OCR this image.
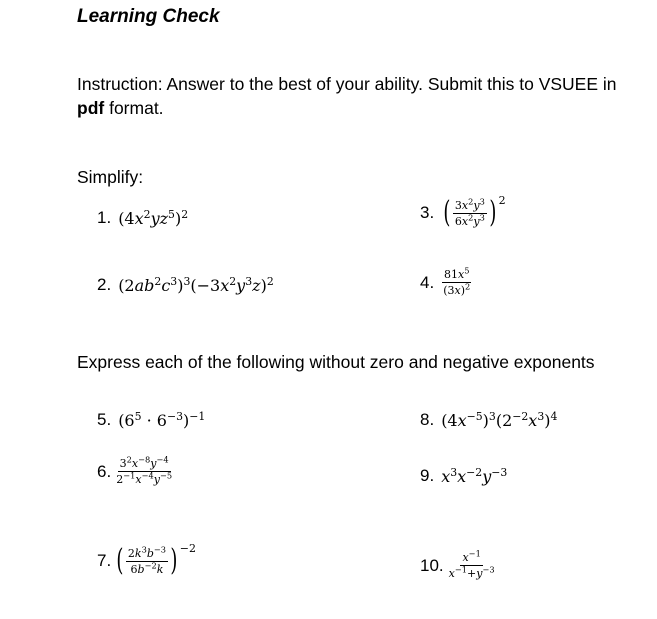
Learning Check
Instruction: Answer to the best of your ability. Submit this to VSUEE in pdf format.
Simplify:
1. $(4x^2yz^5)^2$	3. ( $\frac{3x^2y^3}{6x^2y^3}$ ) 2
2. $(2ab^2c^3)^3(-3x^2y^3z)^2$	4. $\frac{81x^5}{(3x)^2}$
Express each of the following without zero and negative exponents
5. $(6^5 \cdot 6^{-3})^{-1}$	8. $(4x^{-5})^3(2^{-2}x^3)^4$
6. $\frac{3^2x^{-8}y^{-4}}{2^{-1}x^{-4}y^{-5}}$	9. $x^3x^{-2}y^{-3}$
7. ( $\frac{2k^3b^{-3}}{6b^{-2}k}$ ) −2
10. $\frac{x^{-1}}{x^{-1}+y^{-3}}$
